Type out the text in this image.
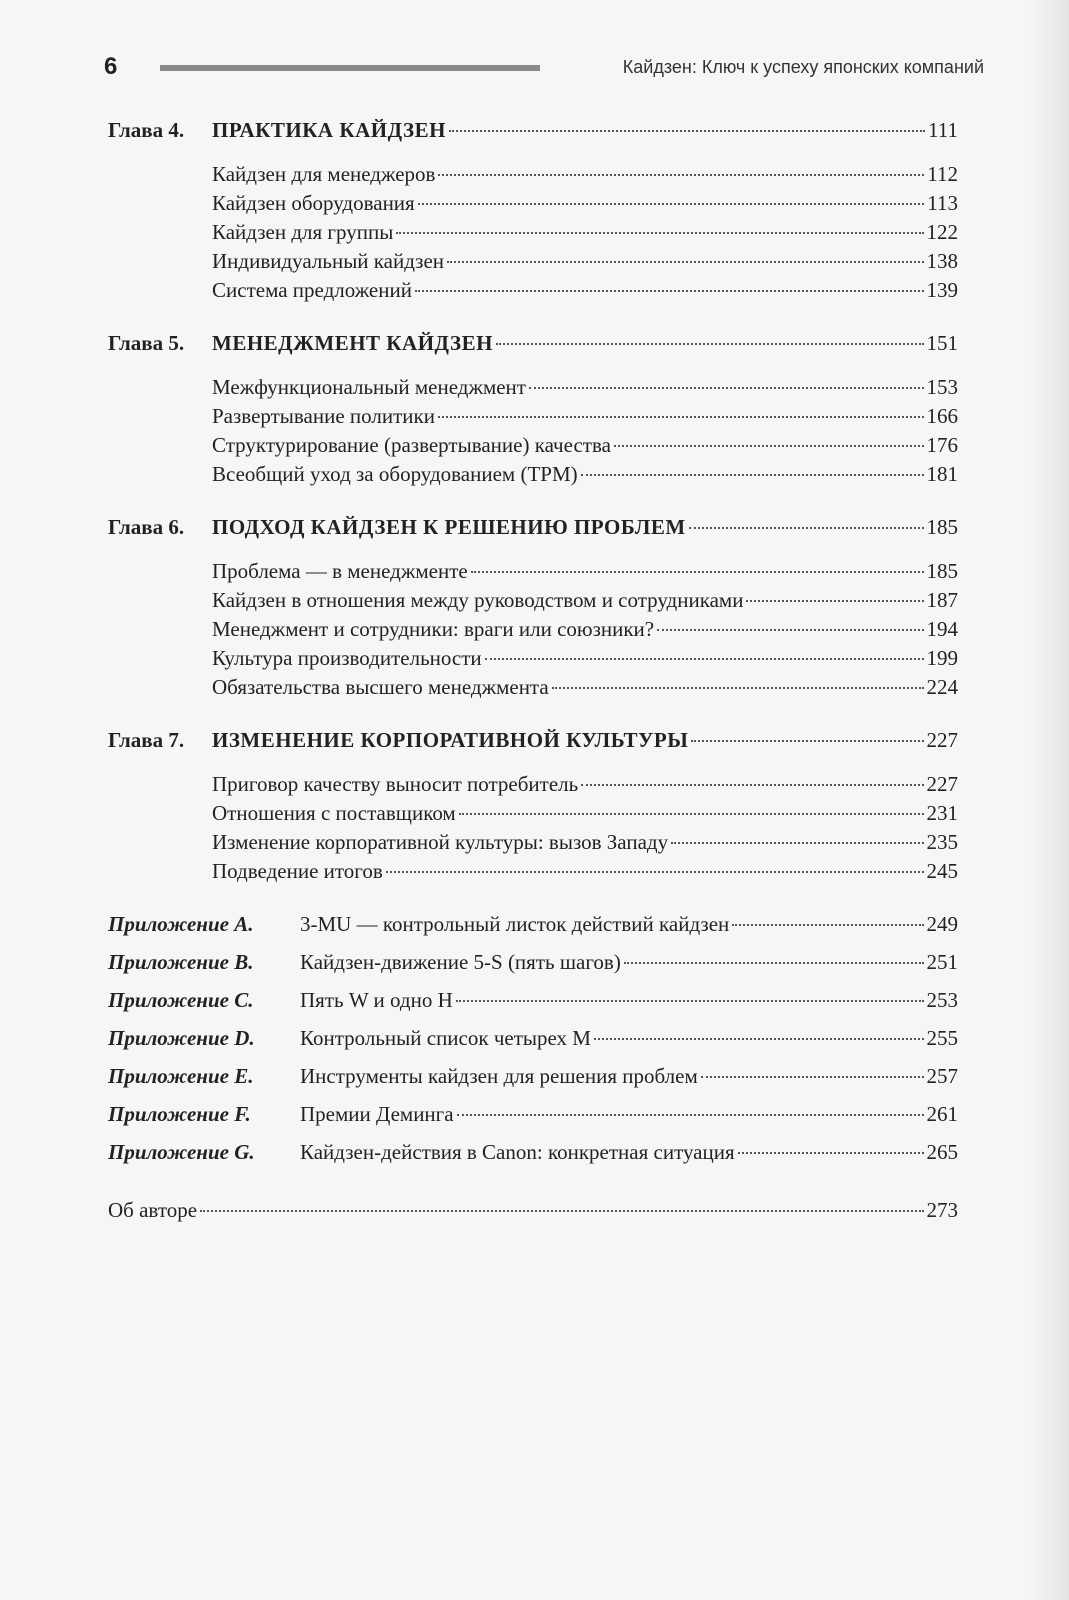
6	Кайдзен: Ключ к успеху японских компаний
Глава 4.	ПРАКТИКА КАЙДЗЕН	111
Кайдзен для менеджеров	112
Кайдзен оборудования	113
Кайдзен для группы	122
Индивидуальный кайдзен	138
Система предложений	139
Глава 5.	МЕНЕДЖМЕНТ КАЙДЗЕН	151
Межфункциональный менеджмент	153
Развертывание политики	166
Структурирование (развертывание) качества	176
Всеобщий уход за оборудованием (ТРМ)	181
Глава 6.	ПОДХОД КАЙДЗЕН К РЕШЕНИЮ ПРОБЛЕМ	185
Проблема — в менеджменте	185
Кайдзен в отношения между руководством и сотрудниками	187
Менеджмент и сотрудники: враги или союзники?	194
Культура производительности	199
Обязательства высшего менеджмента	224
Глава 7.	ИЗМЕНЕНИЕ КОРПОРАТИВНОЙ КУЛЬТУРЫ	227
Приговор качеству выносит потребитель	227
Отношения с поставщиком	231
Изменение корпоративной культуры: вызов Западу	235
Подведение итогов	245
Приложение А.	3-MU — контрольный листок действий кайдзен	249
Приложение В.	Кайдзен-движение 5-S (пять шагов)	251
Приложение С.	Пять W и одно Н	253
Приложение D.	Контрольный список четырех М	255
Приложение Е.	Инструменты кайдзен для решения проблем	257
Приложение F.	Премии Деминга	261
Приложение G.	Кайдзен-действия в Canon: конкретная ситуация	265
Об авторе	273
